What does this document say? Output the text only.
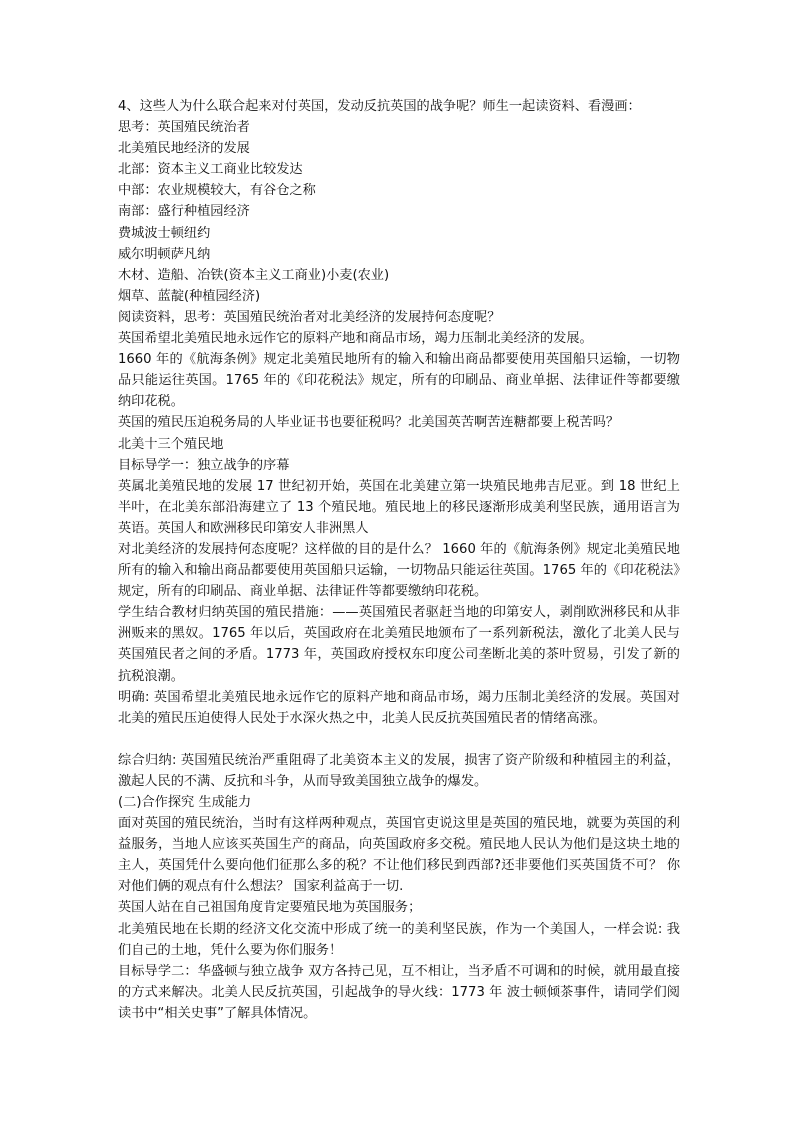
4、这些人为什么联合起来对付英国，发动反抗英国的战争呢？师生一起读资料、看漫画：
思考：英国殖民统治者
北美殖民地经济的发展
北部：资本主义工商业比较发达
中部：农业规模较大，有谷仓之称
南部：盛行种植园经济
费城波士顿纽约
威尔明顿萨凡纳
木材、造船、冶铁(资本主义工商业)小麦(农业)
烟草、蓝靛(种植园经济)
阅读资料，思考：英国殖民统治者对北美经济的发展持何态度呢？
英国希望北美殖民地永远作它的原料产地和商品市场，竭力压制北美经济的发展。
1660 年的《航海条例》规定北美殖民地所有的输入和输出商品都要使用英国船只运输，一切物品只能运往英国。1765 年的《印花税法》规定，所有的印刷品、商业单据、法律证件等都要缴纳印花税。
英国的殖民压迫税务局的人毕业证书也要征税吗？北美国英苦啊苦连糖都要上税苦吗？
北美十三个殖民地
目标导学一：独立战争的序幕
英属北美殖民地的发展 17 世纪初开始，英国在北美建立第一块殖民地弗吉尼亚。到 18 世纪上半叶，在北美东部沿海建立了 13 个殖民地。殖民地上的移民逐渐形成美利坚民族，通用语言为英语。英国人和欧洲移民印第安人非洲黑人
对北美经济的发展持何态度呢？这样做的目的是什么？ 1660 年的《航海条例》规定北美殖民地所有的输入和输出商品都要使用英国船只运输，一切物品只能运往英国。1765 年的《印花税法》规定，所有的印刷品、商业单据、法律证件等都要缴纳印花税。
学生结合教材归纳英国的殖民措施：——英国殖民者驱赶当地的印第安人，剥削欧洲移民和从非洲贩来的黑奴。1765 年以后，英国政府在北美殖民地颁布了一系列新税法，激化了北美人民与英国殖民者之间的矛盾。1773 年，英国政府授权东印度公司垄断北美的茶叶贸易，引发了新的抗税浪潮。
明确: 英国希望北美殖民地永远作它的原料产地和商品市场，竭力压制北美经济的发展。英国对北美的殖民压迫使得人民处于水深火热之中，北美人民反抗英国殖民者的情绪高涨。
综合归纳: 英国殖民统治严重阻碍了北美资本主义的发展，损害了资产阶级和种植园主的利益，激起人民的不满、反抗和斗争，从而导致美国独立战争的爆发。
(二)合作探究 生成能力
面对英国的殖民统治，当时有这样两种观点，英国官吏说这里是英国的殖民地，就要为英国的利益服务，当地人应该买英国生产的商品，向英国政府多交税。殖民地人民认为他们是这块土地的主人，英国凭什么要向他们征那么多的税？不让他们移民到西部?还非要他们买英国货不可？ 你对他们俩的观点有什么想法？ 国家利益高于一切.
英国人站在自己祖国角度肯定要殖民地为英国服务；
北美殖民地在长期的经济文化交流中形成了统一的美利坚民族，作为一个美国人，一样会说: 我们自己的土地，凭什么要为你们服务！
目标导学二：华盛顿与独立战争 双方各持己见，互不相让，当矛盾不可调和的时候，就用最直接的方式来解决。北美人民反抗英国，引起战争的导火线：1773 年 波士顿倾茶事件，请同学们阅读书中“相关史事”了解具体情况。
